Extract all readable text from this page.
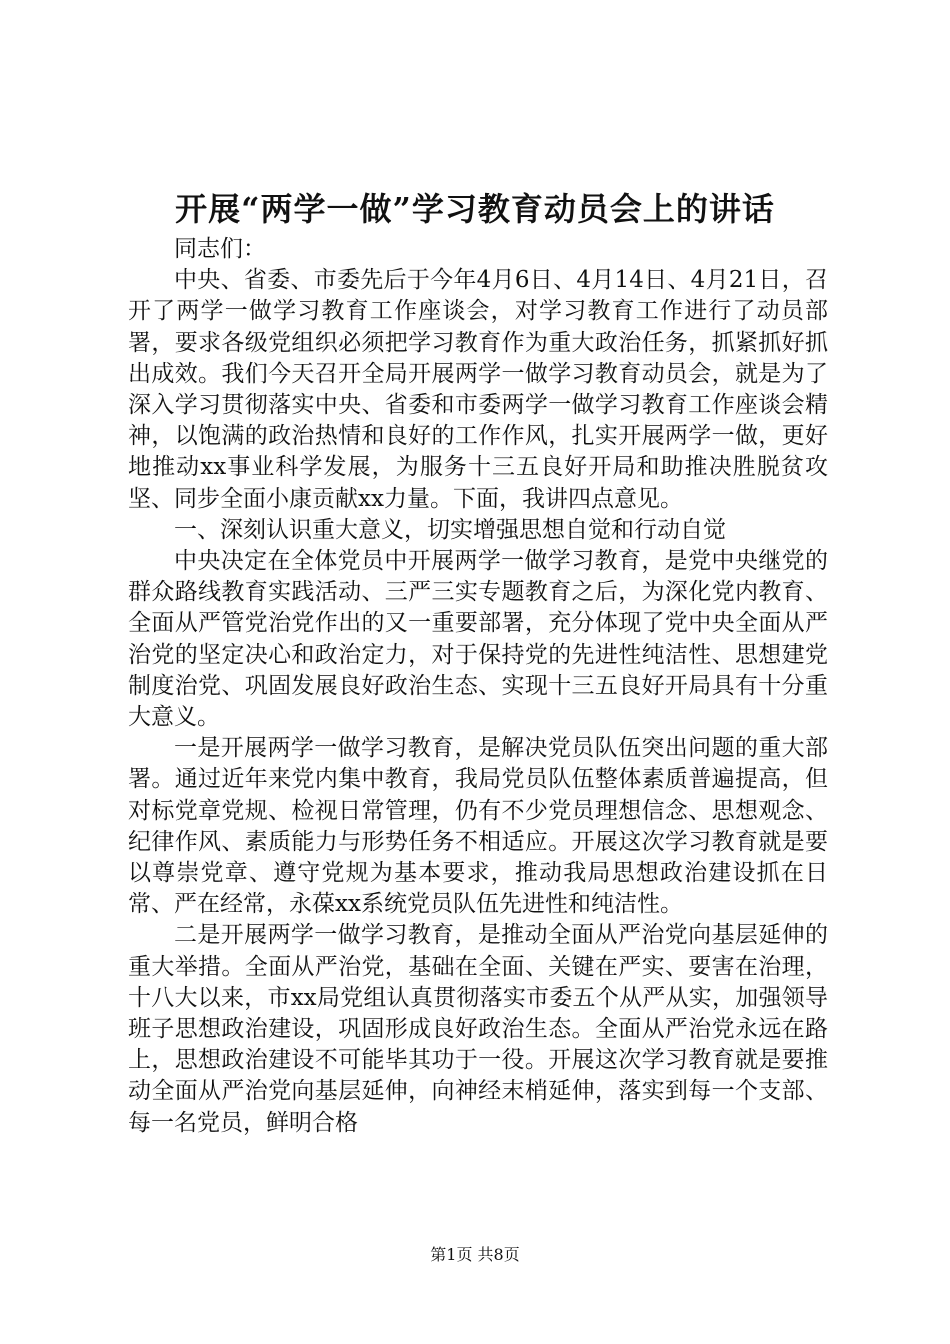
开展“两学一做”学习教育动员会上的讲话

同志们：

中央、省委、市委先后于今年4月6日、4月14日、4月21日，召开了两学一做学习教育工作座谈会，对学习教育工作进行了动员部署，要求各级党组织必须把学习教育作为重大政治任务，抓紧抓好抓出成效。我们今天召开全局开展两学一做学习教育动员会，就是为了深入学习贯彻落实中央、省委和市委两学一做学习教育工作座谈会精神，以饱满的政治热情和良好的工作作风，扎实开展两学一做，更好地推动xx事业科学发展，为服务十三五良好开局和助推决胜脱贫攻坚、同步全面小康贡献xx力量。下面，我讲四点意见。

一、深刻认识重大意义，切实增强思想自觉和行动自觉

中央决定在全体党员中开展两学一做学习教育，是党中央继党的群众路线教育实践活动、三严三实专题教育之后，为深化党内教育、全面从严管党治党作出的又一重要部署，充分体现了党中央全面从严治党的坚定决心和政治定力，对于保持党的先进性纯洁性、思想建党制度治党、巩固发展良好政治生态、实现十三五良好开局具有十分重大意义。

一是开展两学一做学习教育，是解决党员队伍突出问题的重大部署。通过近年来党内集中教育，我局党员队伍整体素质普遍提高，但对标党章党规、检视日常管理，仍有不少党员理想信念、思想观念、纪律作风、素质能力与形势任务不相适应。开展这次学习教育就是要以尊崇党章、遵守党规为基本要求，推动我局思想政治建设抓在日常、严在经常，永葆xx系统党员队伍先进性和纯洁性。

二是开展两学一做学习教育，是推动全面从严治党向基层延伸的重大举措。全面从严治党，基础在全面、关键在严实、要害在治理，十八大以来，市xx局党组认真贯彻落实市委五个从严从实，加强领导班子思想政治建设，巩固形成良好政治生态。全面从严治党永远在路上，思想政治建设不可能毕其功于一役。开展这次学习教育就是要推动全面从严治党向基层延伸，向神经末梢延伸，落实到每一个支部、每一名党员，鲜明合格

第1页 共8页
